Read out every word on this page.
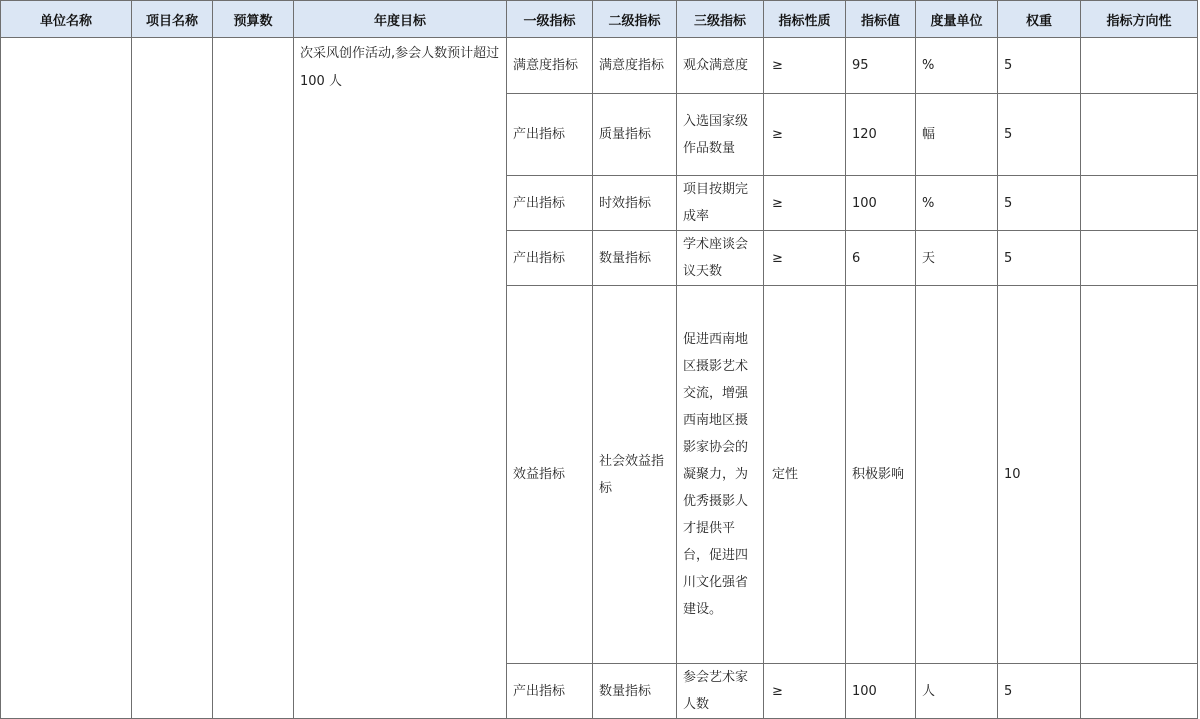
单位名称	项目名称	预算数	年度目标	一级指标	二级指标	三级指标	指标性质	指标值	度量单位	权重	指标方向性
			次采风创作活动,参会人数预计超过 100 人	满意度指标	满意度指标	观众满意度	≥	95	%	5	
				产出指标	质量指标	入选国家级作品数量	≥	120	幅	5	
				产出指标	时效指标	项目按期完成率	≥	100	%	5	
				产出指标	数量指标	学术座谈会议天数	≥	6	天	5	
				效益指标	社会效益指标	促进西南地区摄影艺术交流，增强西南地区摄影家协会的凝聚力，为优秀摄影人才提供平台，促进四川文化强省建设。	定性	积极影响		10	
				产出指标	数量指标	参会艺术家人数	≥	100	人	5	
